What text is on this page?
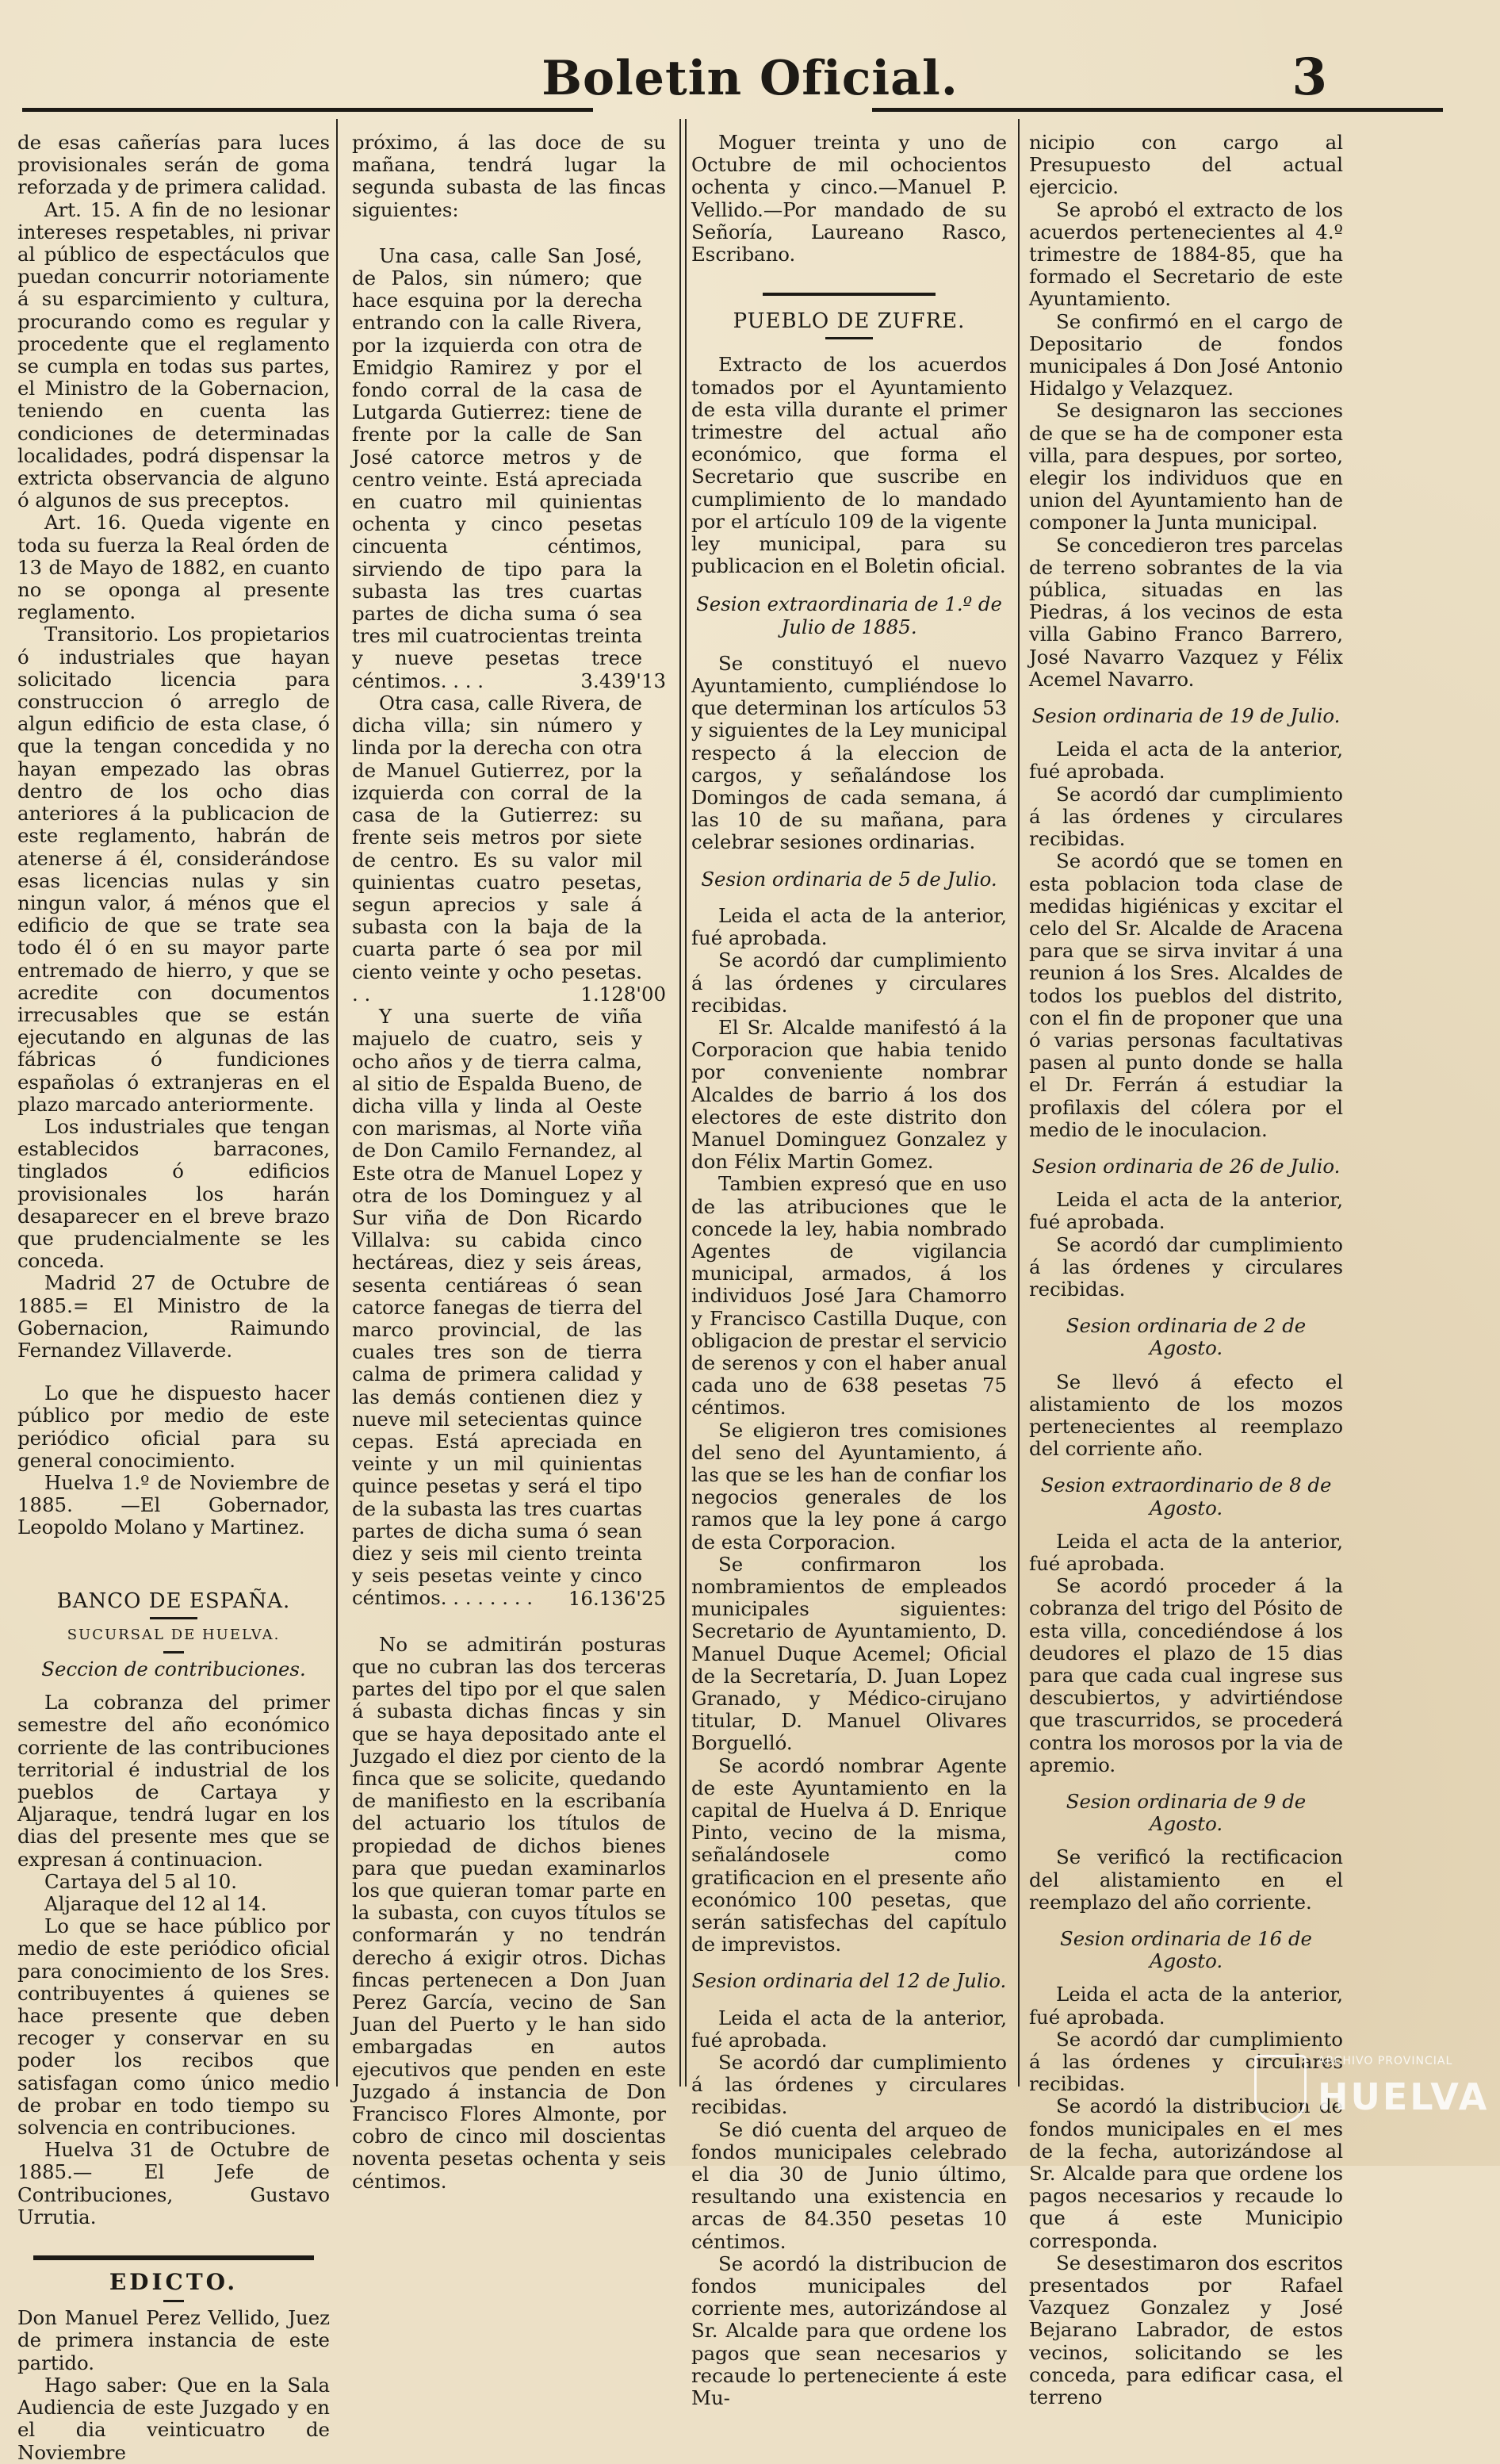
Boletin Oficial.	3

de esas cañerías para luces provisionales serán de goma reforzada y de primera calidad.

Art. 15. A fin de no lesionar intereses respetables, ni privar al público de espectáculos que puedan concurrir notoriamente á su esparcimiento y cultura, procurando como es regular y procedente que el reglamento se cumpla en todas sus partes, el Ministro de la Gobernacion, teniendo en cuenta las condiciones de determinadas localidades, podrá dispensar la extricta observancia de alguno ó algunos de sus preceptos.

Art. 16. Queda vigente en toda su fuerza la Real órden de 13 de Mayo de 1882, en cuanto no se oponga al presente reglamento.

Transitorio. Los propietarios ó industriales que hayan solicitado licencia para construccion ó arreglo de algun edificio de esta clase, ó que la tengan concedida y no hayan empezado las obras dentro de los ocho dias anteriores á la publicacion de este reglamento, habrán de atenerse á él, considerándose esas licencias nulas y sin ningun valor, á ménos que el edificio de que se trate sea todo él ó en su mayor parte entremado de hierro, y que se acredite con documentos irrecusables que se están ejecutando en algunas de las fábricas ó fundiciones españolas ó extranjeras en el plazo marcado anteriormente.

Los industriales que tengan establecidos barracones, tinglados ó edificios provisionales los harán desaparecer en el breve brazo que prudencialmente se les conceda.

Madrid 27 de Octubre de 1885.= El Ministro de la Gobernacion, Raimundo Fernandez Villaverde.

Lo que he dispuesto hacer público por medio de este periódico oficial para su general conocimiento.

Huelva 1.º de Noviembre de 1885. —El Gobernador, Leopoldo Molano y Martinez.

BANCO DE ESPAÑA.
SUCURSAL DE HUELVA.

Seccion de contribuciones.

La cobranza del primer semestre del año económico corriente de las contribuciones territorial é industrial de los pueblos de Cartaya y Aljaraque, tendrá lugar en los dias del presente mes que se expresan á continuacion.

Cartaya del 5 al 10.

Aljaraque del 12 al 14.

Lo que se hace público por medio de este periódico oficial para conocimiento de los Sres. contribuyentes á quienes se hace presente que deben recoger y conservar en su poder los recibos que satisfagan como único medio de probar en todo tiempo su solvencia en contribuciones.

Huelva 31 de Octubre de 1885.— El Jefe de Contribuciones, Gustavo Urrutia.

EDICTO.

Don Manuel Perez Vellido, Juez de primera instancia de este partido.

Hago saber: Que en la Sala Audiencia de este Juzgado y en el dia veinticuatro de Noviembre

próximo, á las doce de su mañana, tendrá lugar la segunda subasta de las fincas siguientes:

Una casa, calle San José, de Palos, sin número; que hace esquina por la derecha entrando con la calle Rivera, por la izquierda con otra de Emidgio Ramirez y por el fondo corral de la casa de Lutgarda Gutierrez: tiene de frente por la calle de San José catorce metros y de centro veinte. Está apreciada en cuatro mil quinientas ochenta y cinco pesetas cincuenta céntimos, sirviendo de tipo para la subasta las tres cuartas partes de dicha suma ó sea tres mil cuatrocientas treinta y nueve pesetas trece céntimos. . . .	3.439'13

Otra casa, calle Rivera, de dicha villa; sin número y linda por la derecha con otra de Manuel Gutierrez, por la izquierda con corral de la casa de la Gutierrez: su frente seis metros por siete de centro. Es su valor mil quinientas cuatro pesetas, segun aprecios y sale á subasta con la baja de la cuarta parte ó sea por mil ciento veinte y ocho pesetas. . .	1.128'00

Y una suerte de viña majuelo de cuatro, seis y ocho años y de tierra calma, al sitio de Espalda Bueno, de dicha villa y linda al Oeste con marismas, al Norte viña de Don Camilo Fernandez, al Este otra de Manuel Lopez y otra de los Dominguez y al Sur viña de Don Ricardo Villalva: su cabida cinco hectáreas, diez y seis áreas, sesenta centiáreas ó sean catorce fanegas de tierra del marco provincial, de las cuales tres son de tierra calma de primera calidad y las demás contienen diez y nueve mil setecientas quince cepas. Está apreciada en veinte y un mil quinientas quince pesetas y será el tipo de la subasta las tres cuartas partes de dicha suma ó sean diez y seis mil ciento treinta y seis pesetas veinte y cinco céntimos. . . . . . . .	16.136'25

No se admitirán posturas que no cubran las dos terceras partes del tipo por el que salen á subasta dichas fincas y sin que se haya depositado ante el Juzgado el diez por ciento de la finca que se solicite, quedando de manifiesto en la escribanía del actuario los títulos de propiedad de dichos bienes para que puedan examinarlos los que quieran tomar parte en la subasta, con cuyos títulos se conformarán y no tendrán derecho á exigir otros. Dichas fincas pertenecen a Don Juan Perez García, vecino de San Juan del Puerto y le han sido embargadas en autos ejecutivos que penden en este Juzgado á instancia de Don Francisco Flores Almonte, por cobro de cinco mil doscientas noventa pesetas ochenta y seis céntimos.

Moguer treinta y uno de Octubre de mil ochocientos ochenta y cinco.—Manuel P. Vellido.—Por mandado de su Señoría, Laureano Rasco, Escribano.

PUEBLO DE ZUFRE.

Extracto de los acuerdos tomados por el Ayuntamiento de esta villa durante el primer trimestre del actual año económico, que forma el Secretario que suscribe en cumplimiento de lo mandado por el artículo 109 de la vigente ley municipal, para su publicacion en el Boletin oficial.

Sesion extraordinaria de 1.º de Julio de 1885.

Se constituyó el nuevo Ayuntamiento, cumpliéndose lo que determinan los artículos 53 y siguientes de la Ley municipal respecto á la eleccion de cargos, y señalándose los Domingos de cada semana, á las 10 de su mañana, para celebrar sesiones ordinarias.

Sesion ordinaria de 5 de Julio.

Leida el acta de la anterior, fué aprobada.

Se acordó dar cumplimiento á las órdenes y circulares recibidas.

El Sr. Alcalde manifestó á la Corporacion que habia tenido por conveniente nombrar Alcaldes de barrio á los dos electores de este distrito don Manuel Dominguez Gonzalez y don Félix Martin Gomez.

Tambien expresó que en uso de las atribuciones que le concede la ley, habia nombrado Agentes de vigilancia municipal, armados, á los individuos José Jara Chamorro y Francisco Castilla Duque, con obligacion de prestar el servicio de serenos y con el haber anual cada uno de 638 pesetas 75 céntimos.

Se eligieron tres comisiones del seno del Ayuntamiento, á las que se les han de confiar los negocios generales de los ramos que la ley pone á cargo de esta Corporacion.

Se confirmaron los nombramientos de empleados municipales siguientes: Secretario de Ayuntamiento, D. Manuel Duque Acemel; Oficial de la Secretaría, D. Juan Lopez Granado, y Médico-cirujano titular, D. Manuel Olivares Borguelló.

Se acordó nombrar Agente de este Ayuntamiento en la capital de Huelva á D. Enrique Pinto, vecino de la misma, señalándosele como gratificacion en el presente año económico 100 pesetas, que serán satisfechas del capítulo de imprevistos.

Sesion ordinaria del 12 de Julio.

Leida el acta de la anterior, fué aprobada.

Se acordó dar cumplimiento á las órdenes y circulares recibidas.

Se dió cuenta del arqueo de fondos municipales celebrado el dia 30 de Junio último, resultando una existencia en arcas de 84.350 pesetas 10 céntimos.

Se acordó la distribucion de fondos municipales del corriente mes, autorizándose al Sr. Alcalde para que ordene los pagos que sean necesarios y recaude lo perteneciente á este Mu-

nicipio con cargo al Presupuesto del actual ejercicio.

Se aprobó el extracto de los acuerdos pertenecientes al 4.º trimestre de 1884-85, que ha formado el Secretario de este Ayuntamiento.

Se confirmó en el cargo de Depositario de fondos municipales á Don José Antonio Hidalgo y Velazquez.

Se designaron las secciones de que se ha de componer esta villa, para despues, por sorteo, elegir los individuos que en union del Ayuntamiento han de componer la Junta municipal.

Se concedieron tres parcelas de terreno sobrantes de la via pública, situadas en las Piedras, á los vecinos de esta villa Gabino Franco Barrero, José Navarro Vazquez y Félix Acemel Navarro.

Sesion ordinaria de 19 de Julio.

Leida el acta de la anterior, fué aprobada.

Se acordó dar cumplimiento á las órdenes y circulares recibidas.

Se acordó que se tomen en esta poblacion toda clase de medidas higiénicas y excitar el celo del Sr. Alcalde de Aracena para que se sirva invitar á una reunion á los Sres. Alcaldes de todos los pueblos del distrito, con el fin de proponer que una ó varias personas facultativas pasen al punto donde se halla el Dr. Ferrán á estudiar la profilaxis del cólera por el medio de le inoculacion.

Sesion ordinaria de 26 de Julio.

Leida el acta de la anterior, fué aprobada.

Se acordó dar cumplimiento á las órdenes y circulares recibidas.

Sesion ordinaria de 2 de Agosto.

Se llevó á efecto el alistamiento de los mozos pertenecientes al reemplazo del corriente año.

Sesion extraordinario de 8 de Agosto.

Leida el acta de la anterior, fué aprobada.

Se acordó proceder á la cobranza del trigo del Pósito de esta villa, concediéndose á los deudores el plazo de 15 dias para que cada cual ingrese sus descubiertos, y advirtiéndose que trascurridos, se procederá contra los morosos por la via de apremio.

Sesion ordinaria de 9 de Agosto.

Se verificó la rectificacion del alistamiento en el reemplazo del año corriente.

Sesion ordinaria de 16 de Agosto.

Leida el acta de la anterior, fué aprobada.

Se acordó dar cumplimiento á las órdenes y circulares recibidas.

Se acordó la distribucion de fondos municipales en el mes de la fecha, autorizándose al Sr. Alcalde para que ordene los pagos necesarios y recaude lo que á este Municipio corresponda.

Se desestimaron dos escritos presentados por Rafael Vazquez Gonzalez y José Bejarano Labrador, de estos vecinos, solicitando se les conceda, para edificar casa, el terreno

ARCHIVO PROVINCIAL
HUELVA
